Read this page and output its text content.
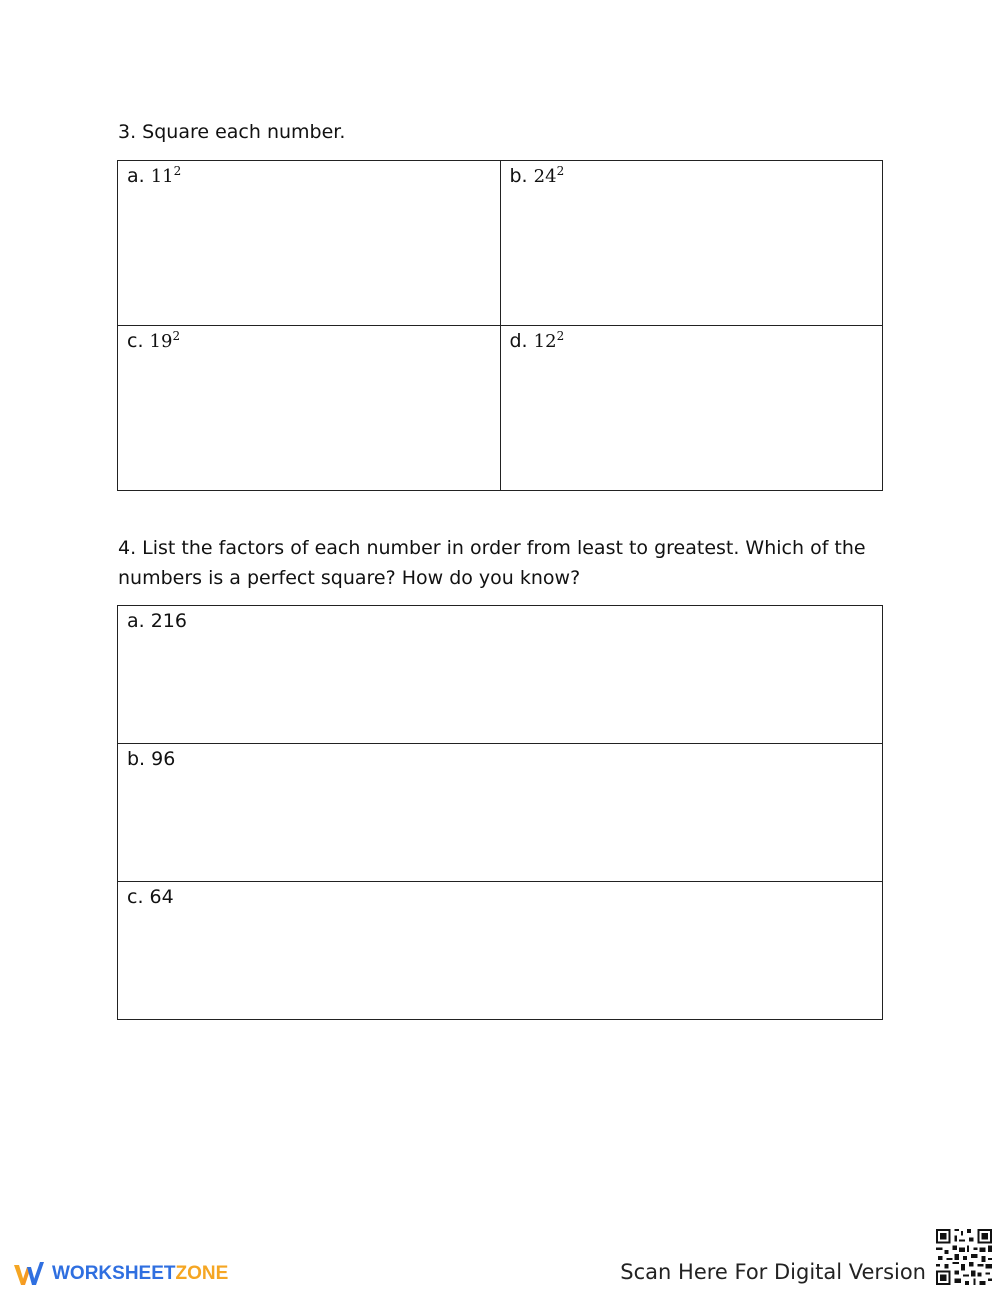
3. Square each number.

a. $11^2$	b. $24^2$
c. $19^2$	d. $12^2$

4. List the factors of each number in order from least to greatest. Which of the numbers is a perfect square? How do you know?

a. 216
b. 96
c. 64
WORKSHEETZONE	Scan Here For Digital Version
